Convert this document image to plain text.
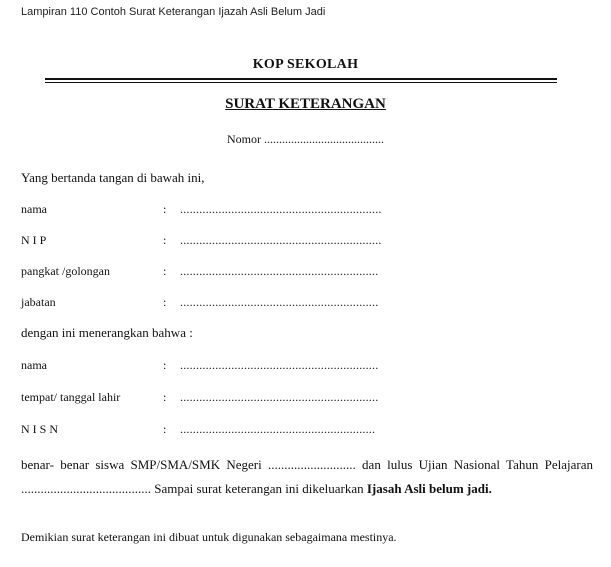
Lampiran 110 Contoh Surat Keterangan Ijazah Asli Belum Jadi
KOP SEKOLAH
SURAT KETERANGAN
Nomor ........................................
Yang bertanda tangan di bawah ini,
nama	: ...............................................................
N I P	: ...............................................................
pangkat /golongan	: ..............................................................
jabatan	: ..............................................................
dengan ini menerangkan bahwa :
nama	: ..............................................................
tempat/ tanggal lahir	: ..............................................................
N I S N	: .............................................................
benar- benar siswa SMP/SMA/SMK Negeri ........................... dan lulus Ujian Nasional Tahun Pelajaran ........................................ Sampai surat keterangan ini dikeluarkan Ijasah Asli belum jadi.
Demikian surat keterangan ini dibuat untuk digunakan sebagaimana mestinya.
